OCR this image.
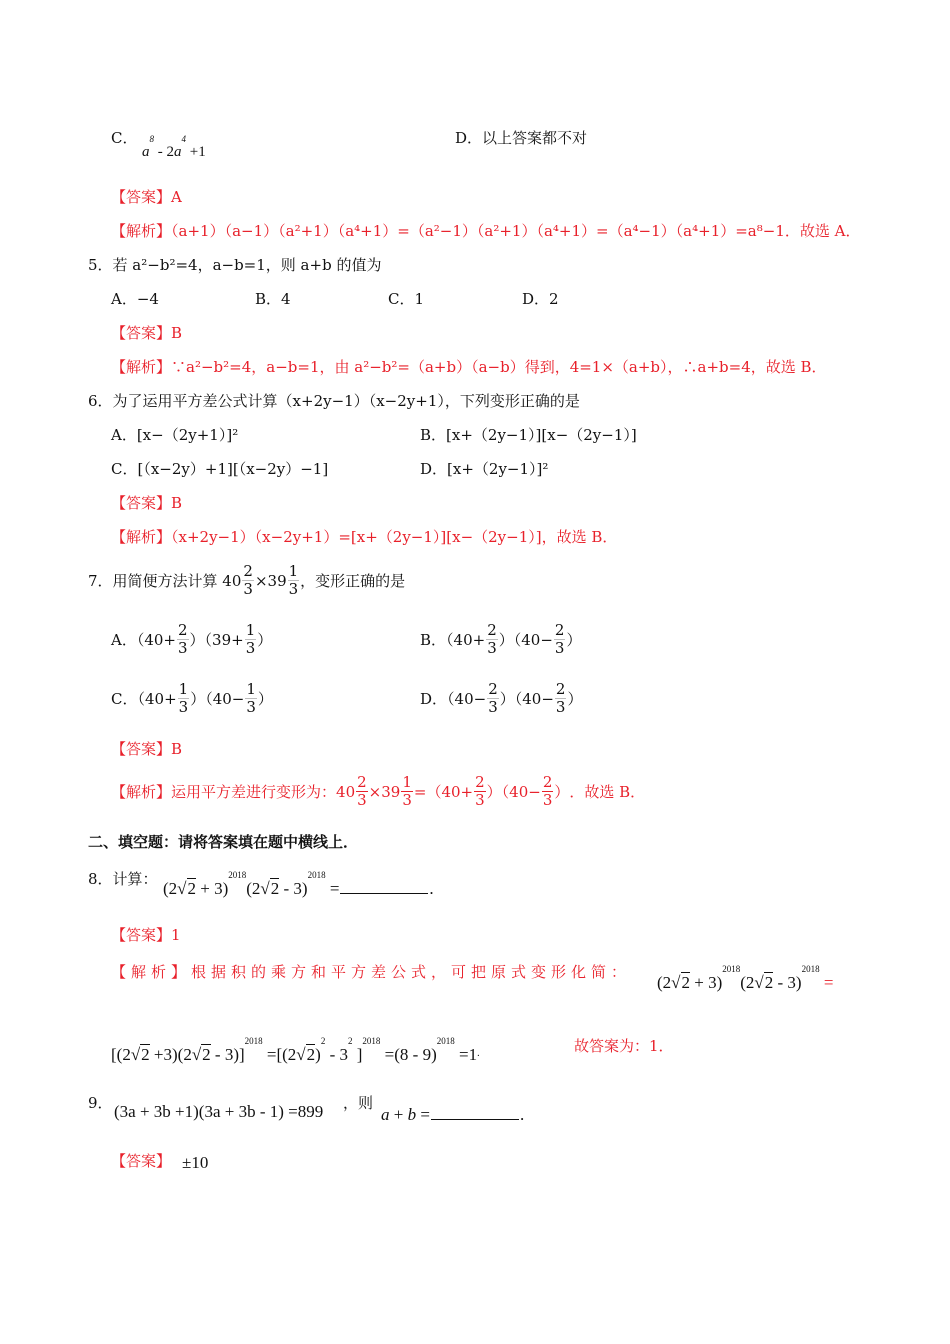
C．
$a^8 - 2a^4 +1$
D．以上答案都不对
【答案】A
【解析】（a+1）（a−1）（a²+1）（a⁴+1）=（a²−1）（a²+1）（a⁴+1）=（a⁴−1）（a⁴+1）=a⁸−1．故选 A．
5．若 a²−b²=4，a−b=1，则 a+b 的值为
A．−4	B．4	C．1	D．2
【答案】B
【解析】∵a²−b²=4，a−b=1，由 a²−b²=（a+b）（a−b）得到，4=1×（a+b），∴a+b=4，故选 B．
6．为了运用平方差公式计算（x+2y−1）（x−2y+1），下列变形正确的是
A．[x−（2y+1）]²	B．[x+（2y−1）][x−（2y−1）]
C．[（x−2y）+1][（x−2y）−1]	D．[x+（2y−1）]²
【答案】B
【解析】（x+2y−1）（x−2y+1）=[x+（2y−1）][x−（2y−1）]，故选 B．
7．用简便方法计算 $40 \frac{2}{3} \times 39 \frac{1}{3}$ ，变形正确的是
A．$(40+ \frac{2}{3} )(39+ \frac{1}{3}$ ）	B．$(40+ \frac{2}{3} )(40- \frac{2}{3}$ ）
C．$(40+ \frac{1}{3} )(40- \frac{1}{3}$ ）	D．$(40- \frac{2}{3} )(40- \frac{2}{3}$ ）
【答案】B
【解析】 运用平方差进行变形为： $40 \frac{2}{3} \times 39 \frac{1}{3} =(40+ \frac{2}{3} )(40- \frac{2}{3}$ ） ．故选 B．
二、填空题：请将答案填在题中横线上．
8．计算： $(2√2 + 3)^{2018}(2√2 - 3)^{2018}$ =	.
【答案】1
【解析】根据积的乘方和平方差公式，可把原式变形化简：
$(2√2 + 3)^{2018}(2√2 - 3)^{2018}$ =
$[(2√2 +3)(2√2 - 3)]^{2018} =[(2√2)^2 - 3^2$ ]$^{2018}$ =(8 - 9)$^{2018}$ =1.	故答案为：1．
9． (3a + 3b +1)(3a + 3b - 1) =899 ，则
a + b =	.
【答案】 ±10
